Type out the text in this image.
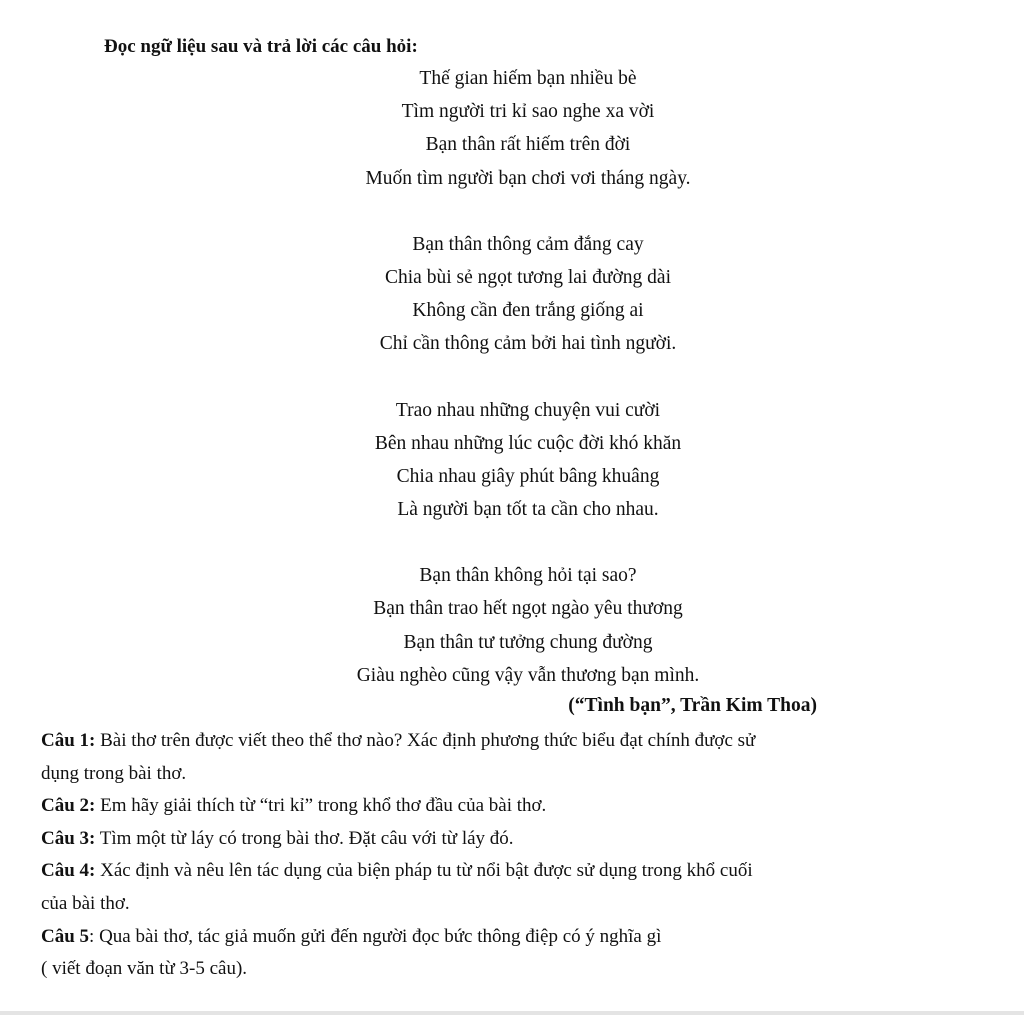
Đọc ngữ liệu sau và trả lời các câu hỏi:
Thế gian hiếm bạn nhiều bè
Tìm người tri kỉ sao nghe xa vời
Bạn thân rất hiếm trên đời
Muốn tìm người bạn chơi vơi tháng ngày.
Bạn thân thông cảm đắng cay
Chia bùi sẻ ngọt tương lai đường dài
Không cần đen trắng giống ai
Chỉ cần thông cảm bởi hai tình người.
Trao nhau những chuyện vui cười
Bên nhau những lúc cuộc đời khó khăn
Chia nhau giây phút bâng khuâng
Là người bạn tốt ta cần cho nhau.
Bạn thân không hỏi tại sao?
Bạn thân trao hết ngọt ngào yêu thương
Bạn thân tư tưởng chung đường
Giàu nghèo cũng vậy vẫn thương bạn mình.
(“Tình bạn”, Trần Kim Thoa)
Câu 1: Bài thơ trên được viết theo thể thơ nào? Xác định phương thức biểu đạt chính được sử
dụng trong bài thơ.
Câu 2: Em hãy giải thích từ “tri kỉ” trong khổ thơ đầu của bài thơ.
Câu 3: Tìm một từ láy có trong bài thơ. Đặt câu với từ láy đó.
Câu 4: Xác định và nêu lên tác dụng của biện pháp tu từ nổi bật được sử dụng trong khổ cuối
của bài thơ.
Câu 5: Qua bài thơ, tác giả muốn gửi đến người đọc bức thông điệp có ý nghĩa gì
( viết đoạn văn từ 3-5 câu).
